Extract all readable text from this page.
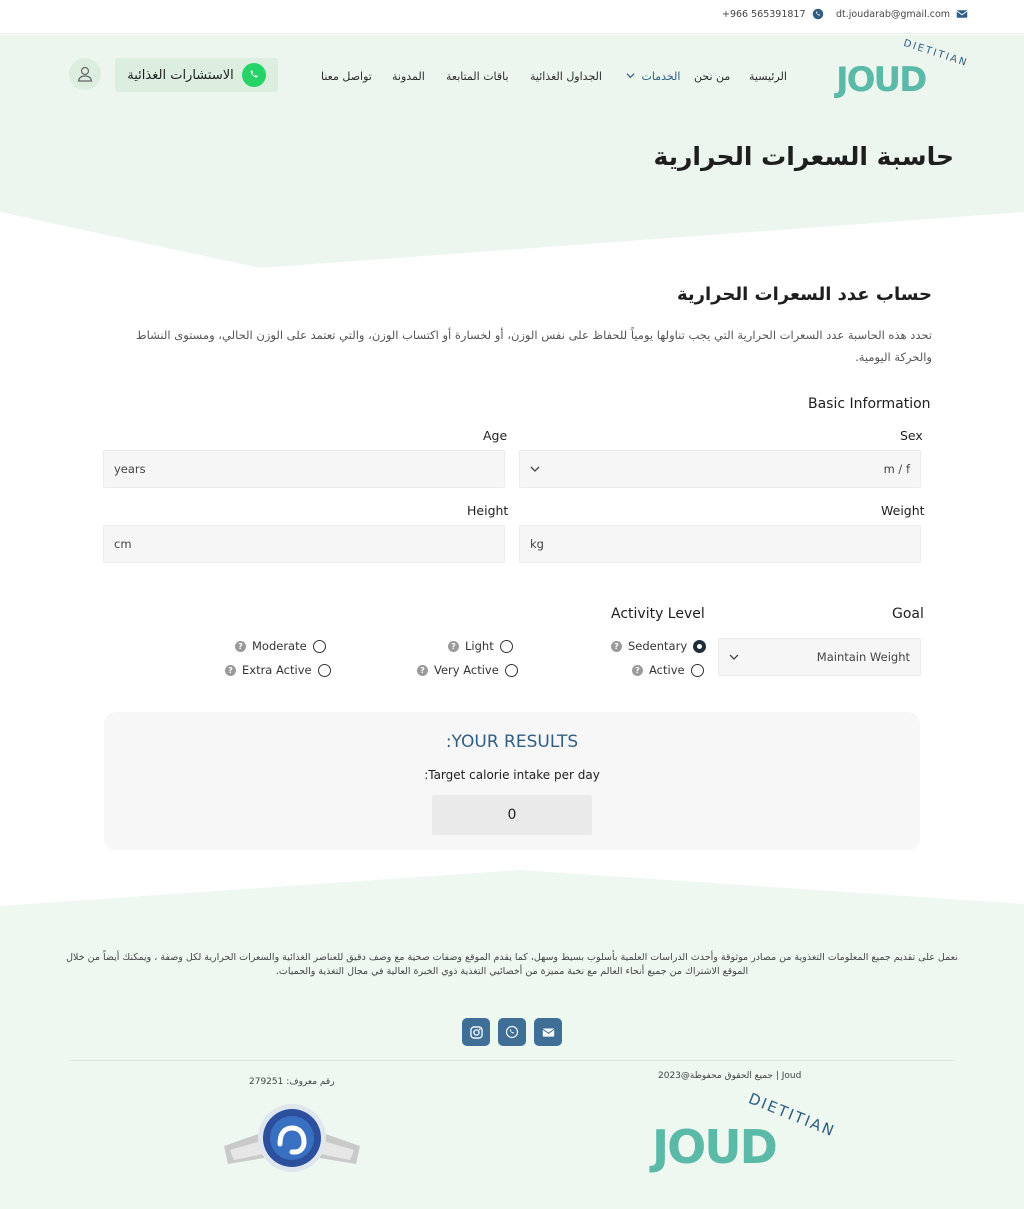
dt.joudarab@gmail.com
+966 565391817
JOUD
DIETITIAN
الرئيسية
من نحن
الخدمات
الجداول الغذائية
باقات المتابعة
المدونة
تواصل معنا
الاستشارات الغذائية
حاسبة السعرات الحرارية
حساب عدد السعرات الحرارية

تحدد هذه الحاسبة عدد السعرات الحرارية التي يجب تناولها يومياً للحفاظ على نفس الوزن، أو لخسارة أو اكتساب الوزن، والتي تعتمد على الوزن الحالي، ومستوى النشاط والحركة اليومية.

Basic Information
Sex
m / f
Age
years
Weight
kg
Height
cm
Goal
Maintain Weight
Activity Level
? Sedentary
? Active
? Light
? Very Active
? Moderate
? Extra Active
:YOUR RESULTS
:Target calorie intake per day
0

نعمل على تقديم جميع المعلومات التغذوية من مصادر موثوقة وأحدث الدراسات العلمية بأسلوب بسيط وسهل، كما يقدم الموقع وصفات صحية مع وصف دقيق للعناصر الغذائية والسعرات الحرارية لكل وصفة ، ويمكنك أيضاً من خلال الموقع الاشتراك من جميع أنحاء العالم مع نخبة مميزة من أخصائيي التغذية ذوي الخبرة العالية في مجال التغذية والحميات.

جميع الحقوق محفوظة@2023 | Joud
رقم معروف: 279251
JOUD
DIETITIAN
